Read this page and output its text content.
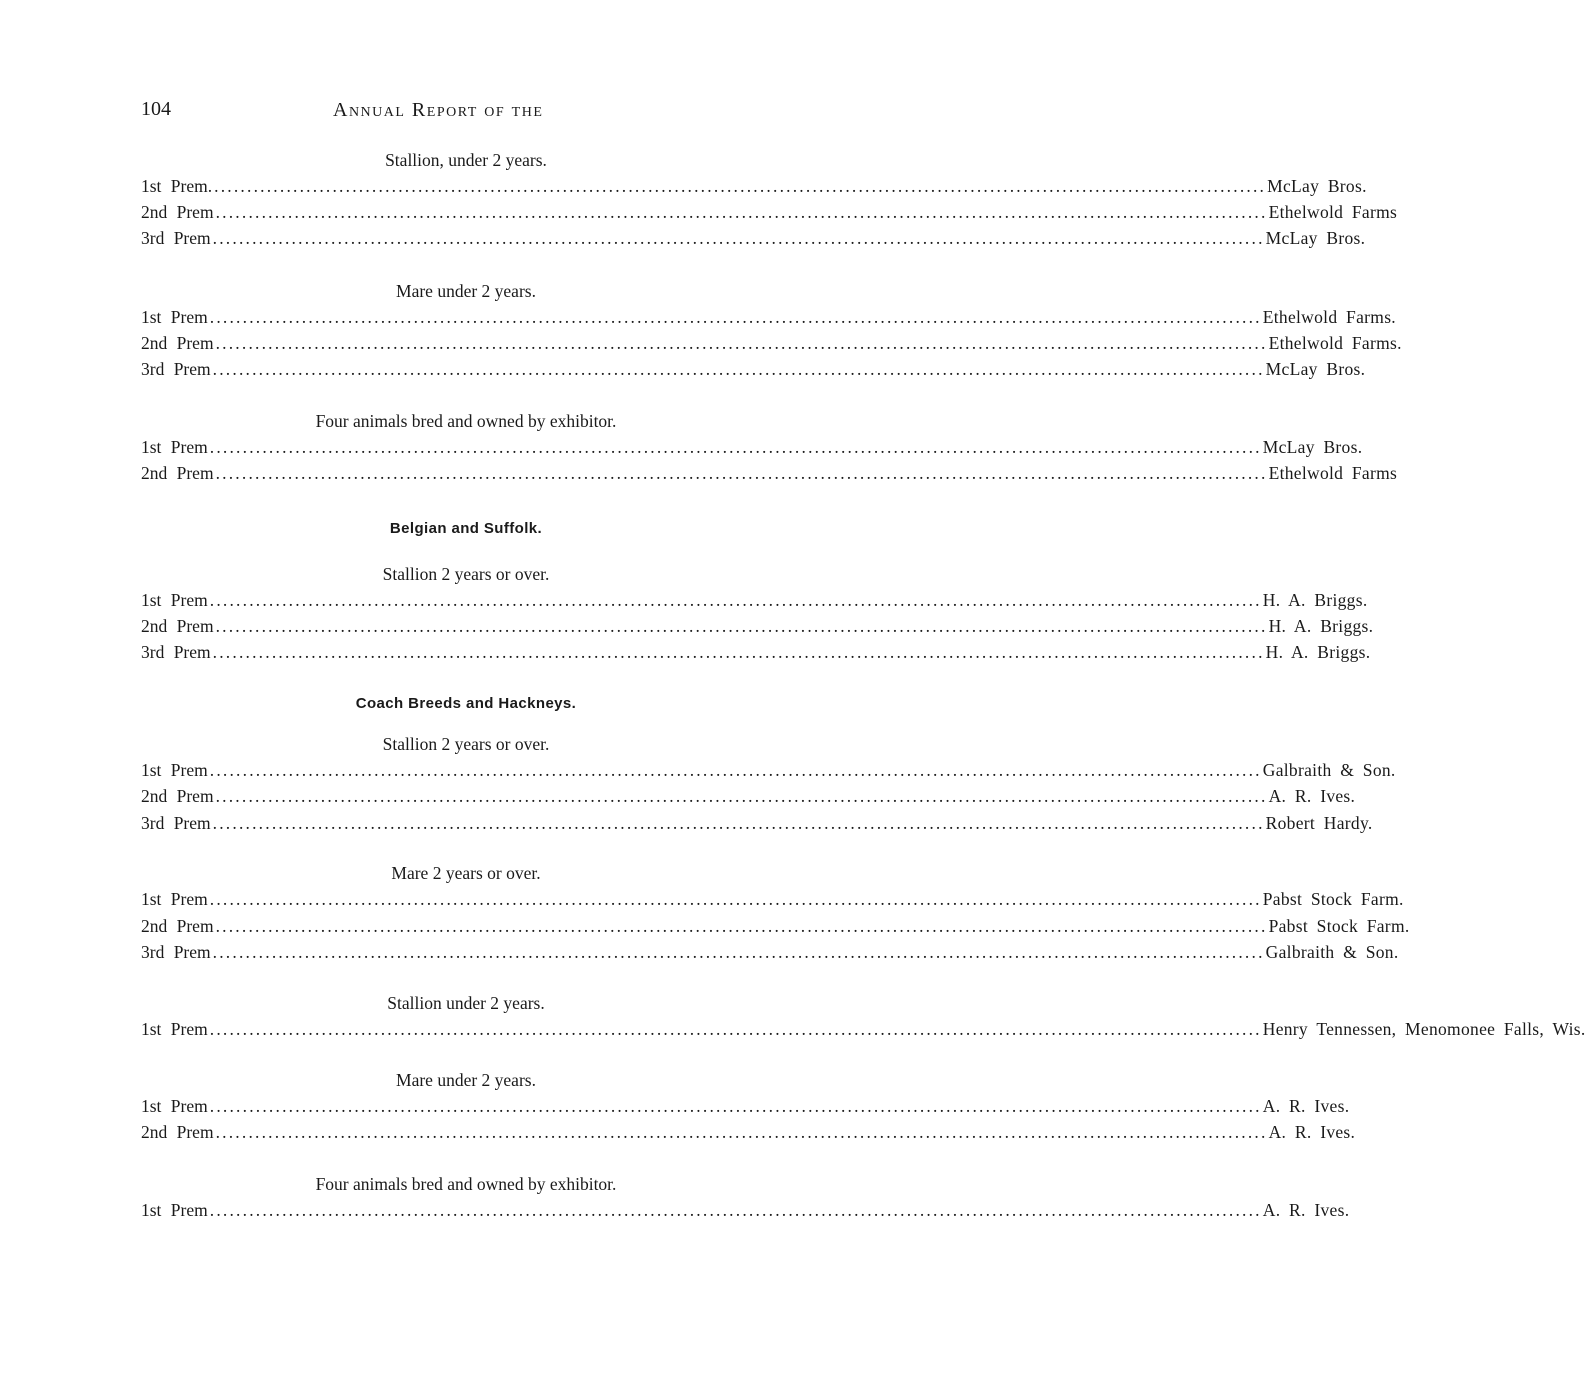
104	Annual Report of the
Stallion, under 2 years.
1st Prem. ................................................................................................................................................................ McLay Bros.
2nd Prem ................................................................................................................................................................ Ethelwold Farms
3rd Prem ................................................................................................................................................................ McLay Bros.
Mare under 2 years.
1st Prem ................................................................................................................................................................ Ethelwold Farms.
2nd Prem ................................................................................................................................................................ Ethelwold Farms.
3rd Prem ................................................................................................................................................................ McLay Bros.
Four animals bred and owned by exhibitor.
1st Prem ................................................................................................................................................................ McLay Bros.
2nd Prem ................................................................................................................................................................ Ethelwold Farms
Belgian and Suffolk.
Stallion 2 years or over.
1st Prem ................................................................................................................................................................ H. A. Briggs.
2nd Prem ................................................................................................................................................................ H. A. Briggs.
3rd Prem ................................................................................................................................................................ H. A. Briggs.
Coach Breeds and Hackneys.
Stallion 2 years or over.
1st Prem ................................................................................................................................................................ Galbraith & Son.
2nd Prem ................................................................................................................................................................ A. R. Ives.
3rd Prem ................................................................................................................................................................ Robert Hardy.
Mare 2 years or over.
1st Prem ................................................................................................................................................................ Pabst Stock Farm.
2nd Prem ................................................................................................................................................................ Pabst Stock Farm.
3rd Prem ................................................................................................................................................................ Galbraith & Son.
Stallion under 2 years.
1st Prem ................................................................................................................................................................ Henry Tennessen, Menomonee Falls, Wis.
Mare under 2 years.
1st Prem ................................................................................................................................................................ A. R. Ives.
2nd Prem ................................................................................................................................................................ A. R. Ives.
Four animals bred and owned by exhibitor.
1st Prem ................................................................................................................................................................ A. R. Ives.
